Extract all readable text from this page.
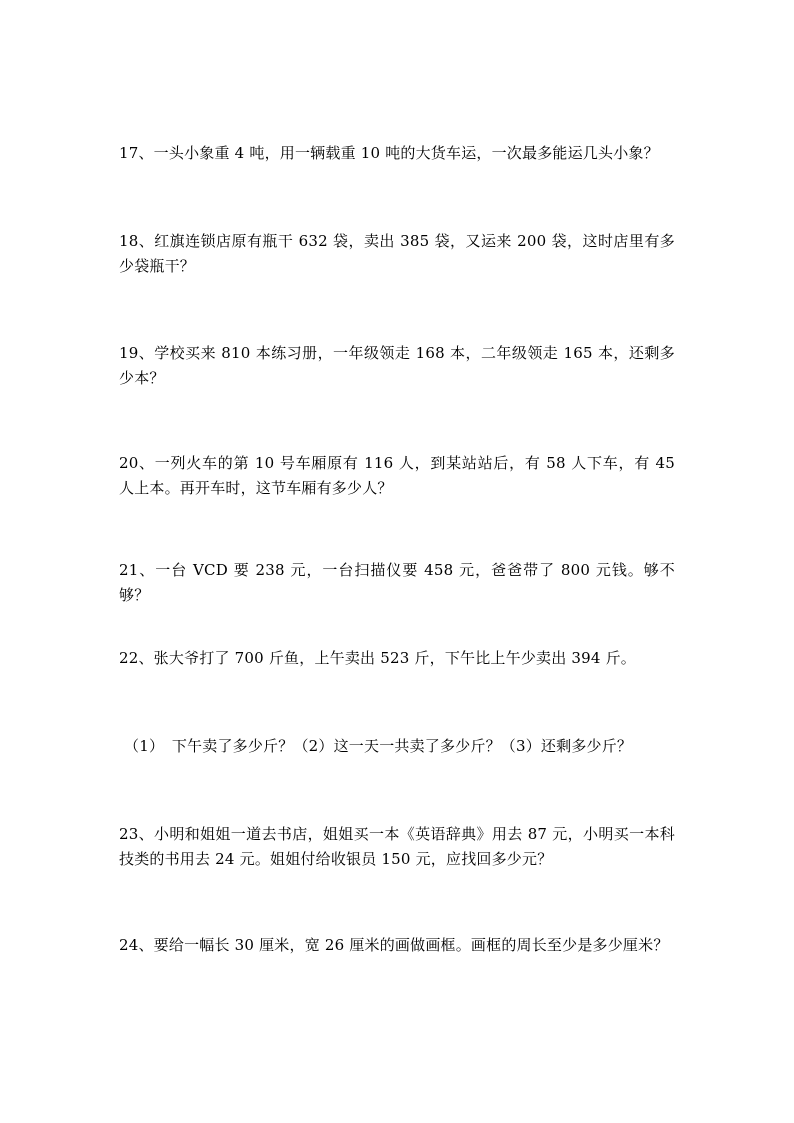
17、一头小象重 4 吨，用一辆载重 10 吨的大货车运，一次最多能运几头小象？

18、红旗连锁店原有瓶干 632 袋，卖出 385 袋，又运来 200 袋，这时店里有多少袋瓶干？

19、学校买来 810 本练习册，一年级领走 168 本，二年级领走 165 本，还剩多少本？

20、一列火车的第 10 号车厢原有 116 人，到某站站后，有 58 人下车，有 45 人上本。再开车时，这节车厢有多少人？

21、一台 VCD 要 238 元，一台扫描仪要 458 元，爸爸带了 800 元钱。够不够？

22、张大爷打了 700 斤鱼，上午卖出 523 斤，下午比上午少卖出 394 斤。

（1）　下午卖了多少斤？（2）这一天一共卖了多少斤？（3）还剩多少斤？

23、小明和姐姐一道去书店，姐姐买一本《英语辞典》用去 87 元，小明买一本科技类的书用去 24 元。姐姐付给收银员 150 元，应找回多少元？

24、要给一幅长 30 厘米，宽 26 厘米的画做画框。画框的周长至少是多少厘米？
